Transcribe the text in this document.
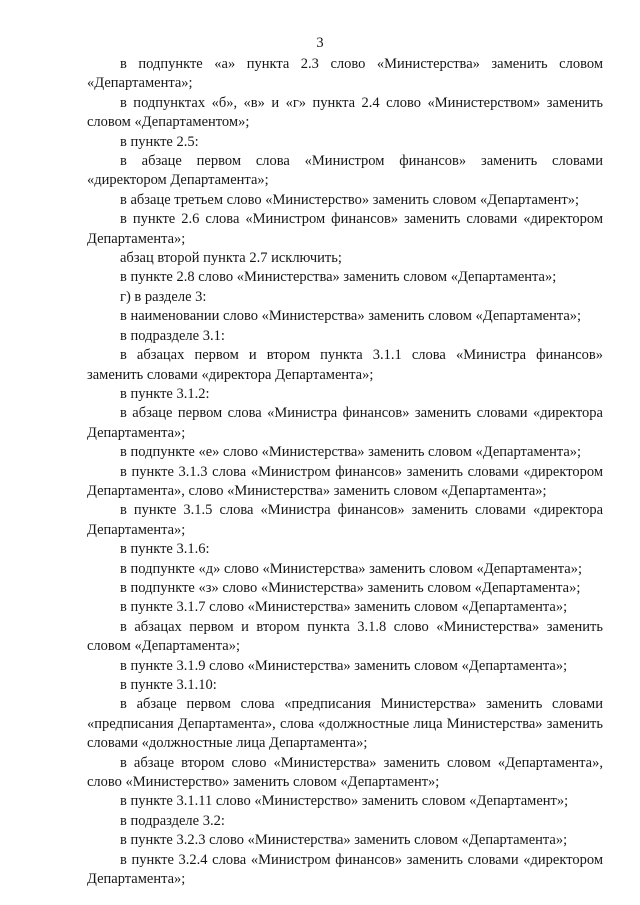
3

в подпункте «а» пункта 2.3 слово «Министерства» заменить словом «Департамента»;

в подпунктах «б», «в» и «г» пункта 2.4 слово «Министерством» заменить словом «Департаментом»;

в пункте 2.5:

в абзаце первом слова «Министром финансов» заменить словами «директором Департамента»;

в абзаце третьем слово «Министерство» заменить словом «Департамент»;

в пункте 2.6 слова «Министром финансов» заменить словами «директором Департамента»;

абзац второй пункта 2.7 исключить;

в пункте 2.8 слово «Министерства» заменить словом «Департамента»;

г) в разделе 3:

в наименовании слово «Министерства» заменить словом «Департамента»;

в подразделе 3.1:

в абзацах первом и втором пункта 3.1.1 слова «Министра финансов» заменить словами «директора Департамента»;

в пункте 3.1.2:

в абзаце первом слова «Министра финансов» заменить словами «директора Департамента»;

в подпункте «е» слово «Министерства» заменить словом «Департамента»;

в пункте 3.1.3 слова «Министром финансов» заменить словами «директором Департамента», слово «Министерства» заменить словом «Департамента»;

в пункте 3.1.5 слова «Министра финансов» заменить словами «директора Департамента»;

в пункте 3.1.6:

в подпункте «д» слово «Министерства» заменить словом «Департамента»;

в подпункте «з» слово «Министерства» заменить словом «Департамента»;

в пункте 3.1.7 слово «Министерства» заменить словом «Департамента»;

в абзацах первом и втором пункта 3.1.8 слово «Министерства» заменить словом «Департамента»;

в пункте 3.1.9 слово «Министерства» заменить словом «Департамента»;

в пункте 3.1.10:

в абзаце первом слова «предписания Министерства» заменить словами «предписания Департамента», слова «должностные лица Министерства» заменить словами «должностные лица Департамента»;

в абзаце втором слово «Министерства» заменить словом «Департамента», слово «Министерство» заменить словом «Департамент»;

в пункте 3.1.11 слово «Министерство» заменить словом «Департамент»;

в подразделе 3.2:

в пункте 3.2.3 слово «Министерства» заменить словом «Департамента»;

в пункте 3.2.4 слова «Министром финансов» заменить словами «директором Департамента»;
